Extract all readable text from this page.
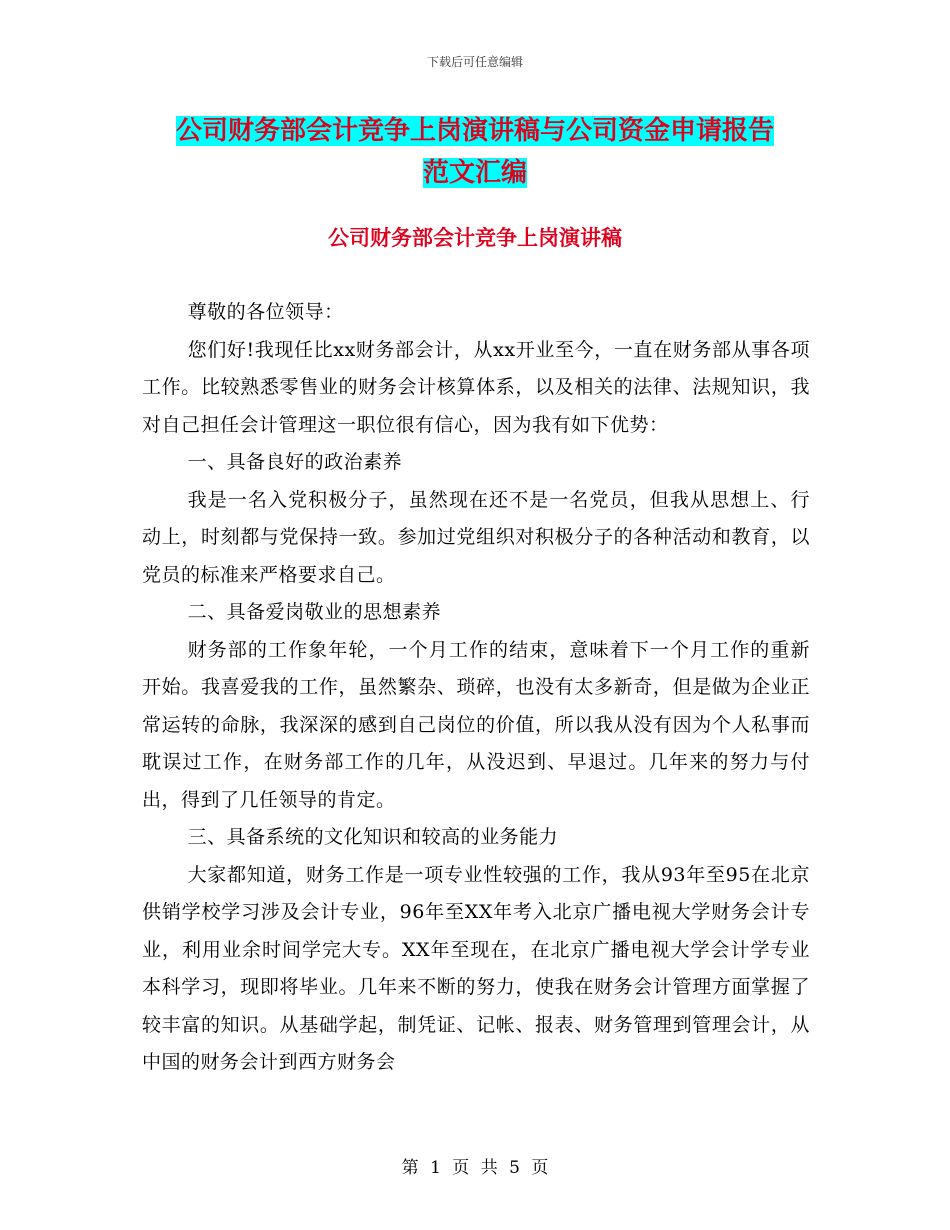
下载后可任意编辑
公司财务部会计竞争上岗演讲稿与公司资金申请报告
范文汇编
公司财务部会计竞争上岗演讲稿

尊敬的各位领导：

您们好!我现任比xx财务部会计，从xx开业至今，一直在财务部从事各项工作。比较熟悉零售业的财务会计核算体系，以及相关的法律、法规知识，我对自己担任会计管理这一职位很有信心，因为我有如下优势：

一、具备良好的政治素养

我是一名入党积极分子，虽然现在还不是一名党员，但我从思想上、行动上，时刻都与党保持一致。参加过党组织对积极分子的各种活动和教育，以党员的标准来严格要求自己。

二、具备爱岗敬业的思想素养

财务部的工作象年轮，一个月工作的结束，意味着下一个月工作的重新开始。我喜爱我的工作，虽然繁杂、琐碎，也没有太多新奇，但是做为企业正常运转的命脉，我深深的感到自己岗位的价值，所以我从没有因为个人私事而耽误过工作，在财务部工作的几年，从没迟到、早退过。几年来的努力与付出，得到了几任领导的肯定。

三、具备系统的文化知识和较高的业务能力

大家都知道，财务工作是一项专业性较强的工作，我从93年至95在北京供销学校学习涉及会计专业，96年至XX年考入北京广播电视大学财务会计专业，利用业余时间学完大专。XX年至现在，在北京广播电视大学会计学专业本科学习，现即将毕业。几年来不断的努力，使我在财务会计管理方面掌握了较丰富的知识。从基础学起，制凭证、记帐、报表、财务管理到管理会计，从中国的财务会计到西方财务会

第 1 页 共 5 页
